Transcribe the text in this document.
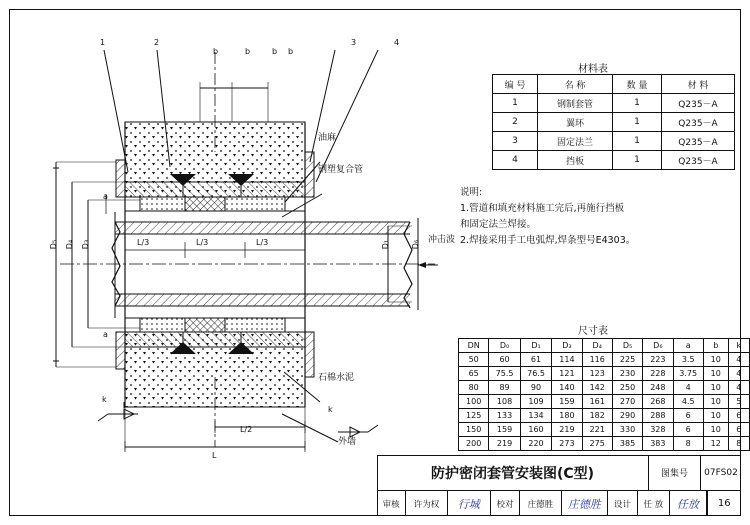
材料表
编 号	名 称	数 量	材 料
1	钢制套管	1	Q235－A
2	翼环	1	Q235－A
3	固定法兰	1	Q235－A
4	挡板	1	Q235－A
说明:
1.管道和填充材料施工完后,再施行挡板
和固定法兰焊接。
2.焊接采用手工电弧焊,焊条型号E4303。
尺寸表
DN	D₀	D₁	D₃	D₄	D₅	D₆	a	b	k
50	60	61	114	116	225	223	3.5	10	4
65	75.5	76.5	121	123	230	228	3.75	10	4
80	89	90	140	142	250	248	4	10	4
100	108	109	159	161	270	268	4.5	10	5
125	133	134	180	182	290	288	6	10	6
150	159	160	219	221	330	328	6	10	6
200	219	220	273	275	385	383	8	12	8
1	2	3	4
b	b	b b
a
a
L/3	L/3	L/3
L/2
L
D₅ D₄ D₃	D₁	D₆
k
k
油麻
钢塑复合管
冲击波
石棉水泥
外墙
防护密闭套管安装图(C型)	图集号	07FS02
审核	许为权	行城	校对	庄德胜	庄德胜	设计	任 放	任放	16
